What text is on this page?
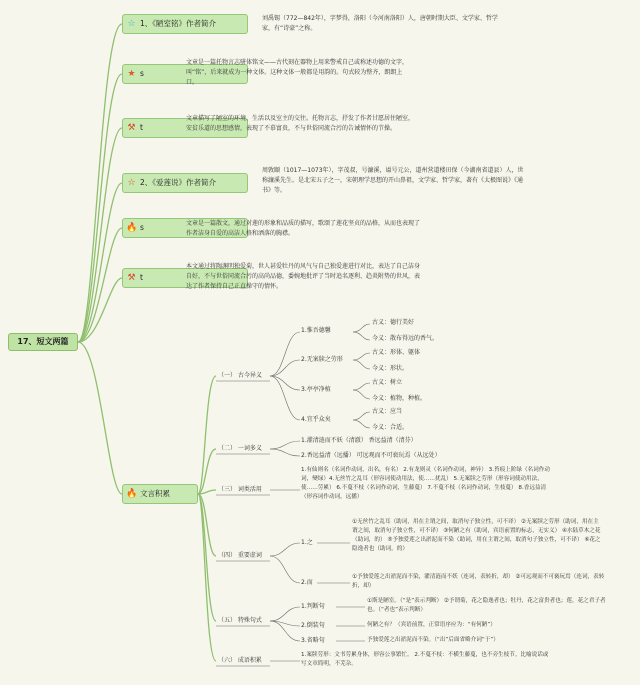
17、短文两篇
☆ 1、《陋室铭》作者简介
★ s
⚒ t
☆ 2、《爱莲说》作者简介
🔥 s
⚒ t
🔥 文言积累
刘禹锡（772—842年），字梦得，洛阳（今河南洛阳）人，唐朝时期大臣、文学家、哲学家，有“诗豪”之称。
文章是一篇托物言志骈体铭文——古代刻在器物上用来警戒自己或称述功德的文字，叫“铭”，后来就成为一种文体。这种文体一般都是用韵的。句式较为整齐，朗朗上口。
文章描写了陋室的环境、生活以及室主的交往。托物言志，抒发了作者甘愿居住陋室，安贫乐道的思想感情，表现了不慕富贵，不与世俗同流合污的告诫情怀的节操。
周敦颐（1017—1073年），字茂叔，号濂溪，谥号元公，道州营道楼田保（今湖南省道县）人，世称濂溪先生。是北宋五子之一，宋朝理学思想的开山鼻祖，文学家、哲学家，著有《太极图说》《通书》等。
文章是一篇散文，通过对莲的形象和品质的描写，歌颂了莲花坚贞的品格，从而也表现了作者洁身自爱的高洁人格和洒落的胸襟。
本文通过将陶渊明独爱菊，世人甚爱牡丹的风气与自己独爱莲进行对比，表达了自己洁身自好，不与世俗同流合污的高尚品德，委婉地批评了当时追名逐利、趋炎附势的世风，表达了作者保持自己正直操守的情怀。
（一） 古今异义
（二） 一词多义
（三） 词类活用
（四） 重要虚词
（五） 特殊句式
（六） 成语积累
1.惟吾德馨
古义：德行美好
今义：散布得远的香气。
2.无案牍之劳形
古义：形体、躯体
今义：形状。
3.亭亭净植
古义：树立
今义：植物，种植。
4.宜乎众矣
古义：应当
今义：合适。
1.濯清涟而不妖（清澈） 香远益清（清芬）
2.香远益清（远播） 可远观而不可亵玩焉（从远处）
1.有仙则名（名词作动词，出名，有名） 2.有龙则灵（名词作动词，神异） 3.苔痕上阶绿（名词作动词，變绿）4.无丝竹之乱耳（形容词使动用法，使……扰乱） 5.无案牍之劳形（形容词使动用法，使……劳累） 6.不蔓不枝（名词作动词，生藤蔓） 7.不蔓不枝（名词作动词，生枝蔓） 8.香远益清（形容词作动词，远播）
1.之
①无丝竹之乱耳（助词，用在主谓之间，取消句子独立性，可不译） ②无案牍之劳形（助词，用在主谓之间，取消句子独立性，可不译） ③何陋之有（助词，宾语前置的标志，无实义） ④水陆草木之花（助词，的） ⑤予独爱莲之出淤泥而不染（助词，用在主谓之间，取消句子独立性，可不译） ⑥花之隐逸者也（助词，的）
2.而
①予独爱莲之出淤泥而不染，濯清涟而不妖（连词，表转折，却） ②可远观而不可亵玩焉（连词，表转折，却）
1.判断句
①斯是陋室。（“是”表示判断） ②予谓菊，花之隐逸者也；牡丹，花之富贵者也；莲，花之君子者也。（“者也”表示判断）
2.倒装句	何陋之有？（宾语前置，正常语序应为：“有何陋”）
3.省略句	予独爱莲之出淤泥而不染。（“出”后面省略介词“于”）
1.案牍劳形：文书劳累身体，形容公事繁忙。 2.不蔓不枝：不横生藤蔓，也不旁生枝节。比喻说话或写文章简明，不芜杂。
